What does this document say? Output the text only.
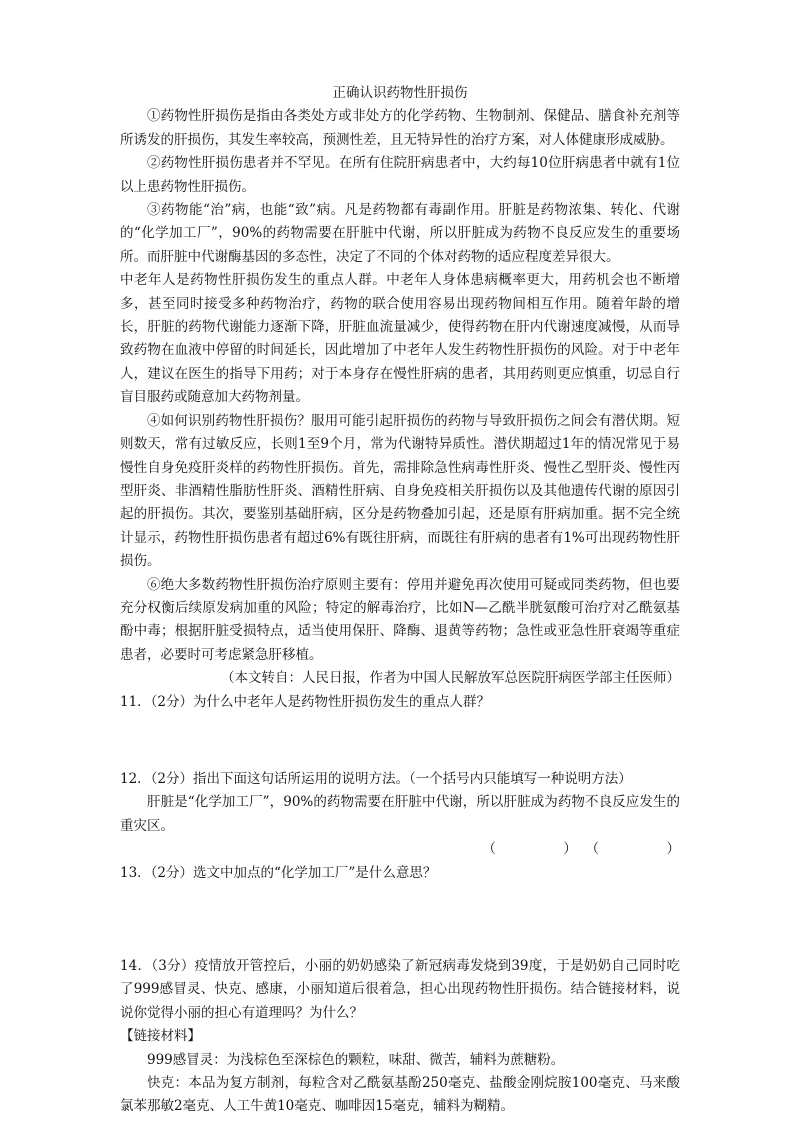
正确认识药物性肝损伤

①药物性肝损伤是指由各类处方或非处方的化学药物、生物制剂、保健品、膳食补充剂等所诱发的肝损伤，其发生率较高，预测性差，且无特异性的治疗方案，对人体健康形成威胁。

②药物性肝损伤患者并不罕见。在所有住院肝病患者中，大约每10位肝病患者中就有1位以上患药物性肝损伤。

③药物能“治”病，也能“致”病。凡是药物都有毒副作用。肝脏是药物浓集、转化、代谢的“化学加工厂”，90%的药物需要在肝脏中代谢，所以肝脏成为药物不良反应发生的重要场所。而肝脏中代谢酶基因的多态性，决定了不同的个体对药物的适应程度差异很大。

中老年人是药物性肝损伤发生的重点人群。中老年人身体患病概率更大，用药机会也不断增多，甚至同时接受多种药物治疗，药物的联合使用容易出现药物间相互作用。随着年龄的增长，肝脏的药物代谢能力逐渐下降，肝脏血流量减少，使得药物在肝内代谢速度减慢，从而导致药物在血液中停留的时间延长，因此增加了中老年人发生药物性肝损伤的风险。对于中老年人，建议在医生的指导下用药；对于本身存在慢性肝病的患者，其用药则更应慎重，切忌自行盲目服药或随意加大药物剂量。

④如何识别药物性肝损伤？服用可能引起肝损伤的药物与导致肝损伤之间会有潜伏期。短则数天，常有过敏反应，长则1至9个月，常为代谢特异质性。潜伏期超过1年的情况常见于易慢性自身免疫肝炎样的药物性肝损伤。首先，需排除急性病毒性肝炎、慢性乙型肝炎、慢性丙型肝炎、非酒精性脂肪性肝炎、酒精性肝病、自身免疫相关肝损伤以及其他遗传代谢的原因引起的肝损伤。其次，要鉴别基础肝病，区分是药物叠加引起，还是原有肝病加重。据不完全统计显示，药物性肝损伤患者有超过6%有既往肝病，而既往有肝病的患者有1%可出现药物性肝损伤。

⑥绝大多数药物性肝损伤治疗原则主要有：停用并避免再次使用可疑或同类药物，但也要充分权衡后续原发病加重的风险；特定的解毒治疗，比如N—乙酰半胱氨酸可治疗对乙酰氨基酚中毒；根据肝脏受损特点，适当使用保肝、降酶、退黄等药物；急性或亚急性肝衰竭等重症患者，必要时可考虑紧急肝移植。

（本文转自：人民日报，作者为中国人民解放军总医院肝病医学部主任医师）

11．（2分）为什么中老年人是药物性肝损伤发生的重点人群？

12．（2分）指出下面这句话所运用的说明方法。（一个括号内只能填写一种说明方法）

肝脏是“化学加工厂”，90%的药物需要在肝脏中代谢，所以肝脏成为药物不良反应发生的重灾区。

（　　　　　） （　　　　　）

13．（2分）选文中加点的“化学加工厂”是什么意思？

14．（3分）疫情放开管控后，小丽的奶奶感染了新冠病毒发烧到39度，于是奶奶自己同时吃了999感冒灵、快克、感康，小丽知道后很着急，担心出现药物性肝损伤。结合链接材料，说说你觉得小丽的担心有道理吗？为什么？

【链接材料】

999感冒灵：为浅棕色至深棕色的颗粒，味甜、微苦，辅料为蔗糖粉。

快克：本品为复方制剂，每粒含对乙酰氨基酚250毫克、盐酸金刚烷胺100毫克、马来酸氯苯那敏2毫克、人工牛黄10毫克、咖啡因15毫克，辅料为糊精。
